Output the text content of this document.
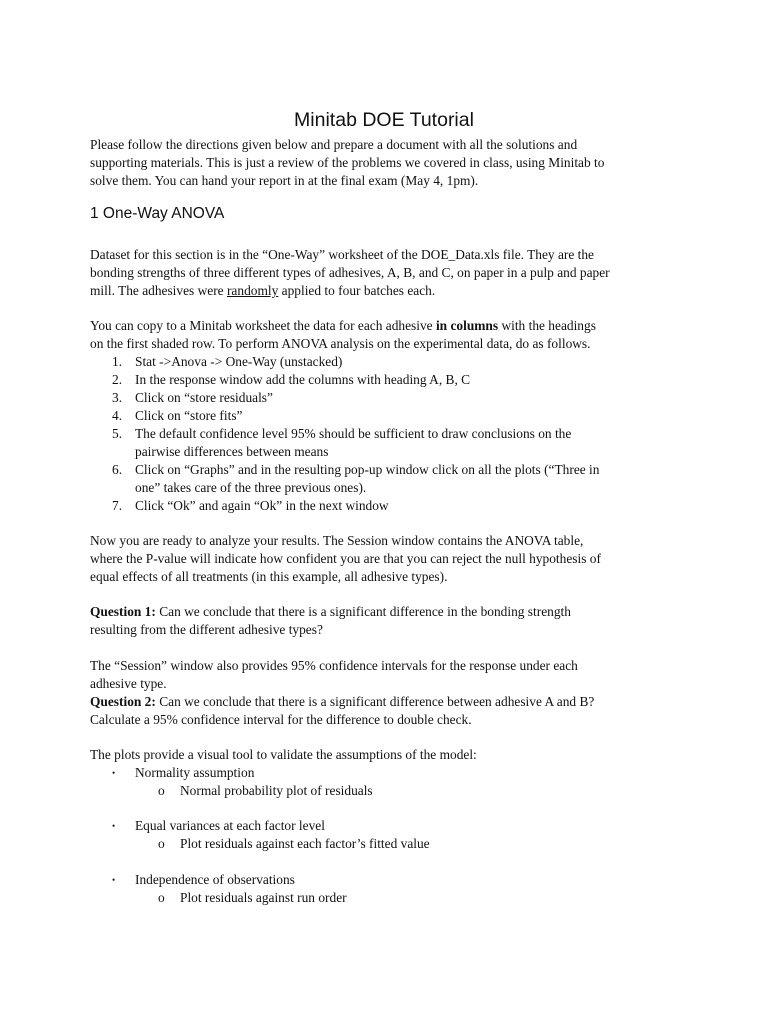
Minitab DOE Tutorial

Please follow the directions given below and prepare a document with all the solutions and
supporting materials. This is just a review of the problems we covered in class, using Minitab to
solve them. You can hand your report in at the final exam (May 4, 1pm).

1 One-Way ANOVA

Dataset for this section is in the “One-Way” worksheet of the DOE_Data.xls file. They are the
bonding strengths of three different types of adhesives, A, B, and C, on paper in a pulp and paper
mill. The adhesives were randomly applied to four batches each.

You can copy to a Minitab worksheet the data for each adhesive in columns with the headings
on the first shaded row. To perform ANOVA analysis on the experimental data, do as follows.

1. Stat ->Anova -> One-Way (unstacked)
2. In the response window add the columns with heading A, B, C
3. Click on “store residuals”
4. Click on “store fits”
5. The default confidence level 95% should be sufficient to draw conclusions on the
pairwise differences between means
6. Click on “Graphs” and in the resulting pop-up window click on all the plots (“Three in
one” takes care of the three previous ones).
7. Click “Ok” and again “Ok” in the next window

Now you are ready to analyze your results. The Session window contains the ANOVA table,
where the P-value will indicate how confident you are that you can reject the null hypothesis of
equal effects of all treatments (in this example, all adhesive types).

Question 1: Can we conclude that there is a significant difference in the bonding strength
resulting from the different adhesive types?

The “Session” window also provides 95% confidence intervals for the response under each
adhesive type.

Question 2: Can we conclude that there is a significant difference between adhesive A and B?
Calculate a 95% confidence interval for the difference to double check.

The plots provide a visual tool to validate the assumptions of the model:

• Normality assumption
o Normal probability plot of residuals
• Equal variances at each factor level
o Plot residuals against each factor’s fitted value
• Independence of observations
o Plot residuals against run order
